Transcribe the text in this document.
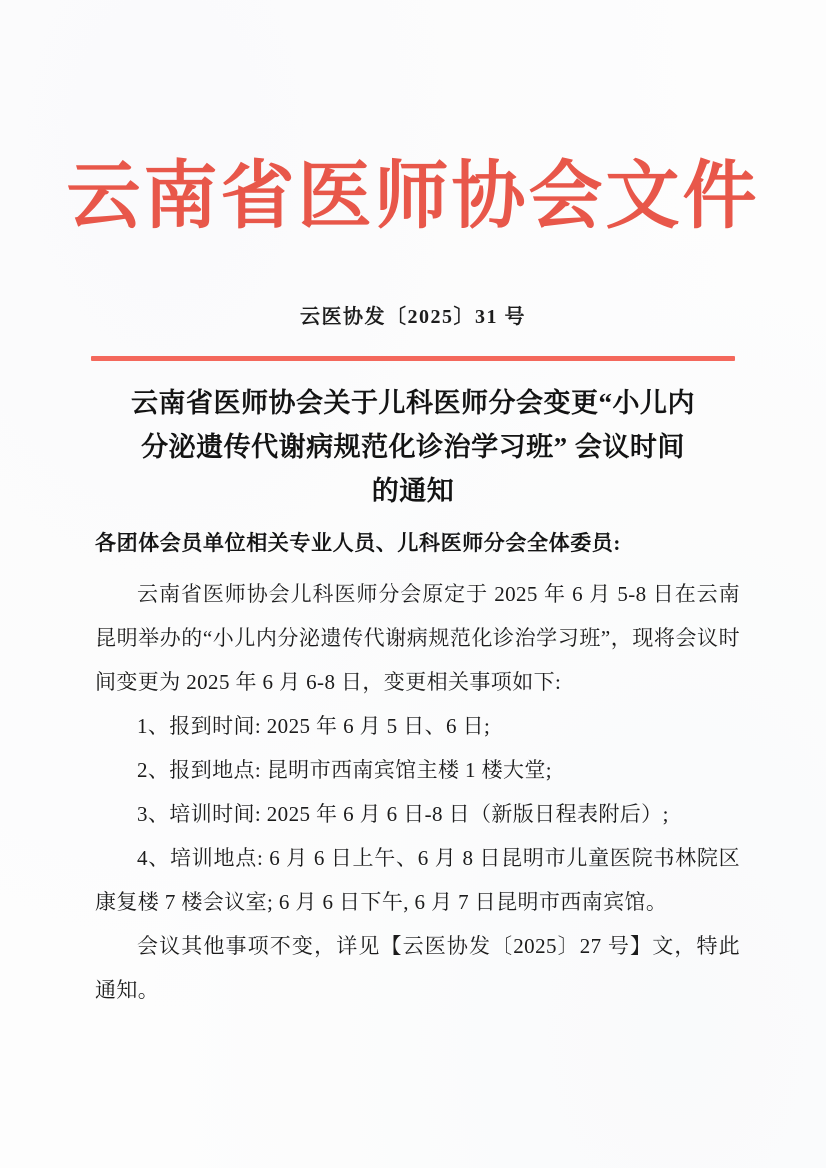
云南省医师协会文件
云医协发〔2025〕31 号
云南省医师协会关于儿科医师分会变更“小儿内
分泌遗传代谢病规范化诊治学习班” 会议时间
的通知
各团体会员单位相关专业人员、儿科医师分会全体委员:

云南省医师协会儿科医师分会原定于 2025 年 6 月 5-8 日在云南昆明举办的“小儿内分泌遗传代谢病规范化诊治学习班”，现将会议时间变更为 2025 年 6 月 6-8 日，变更相关事项如下:

1、报到时间: 2025 年 6 月 5 日、6 日;

2、报到地点: 昆明市西南宾馆主楼 1 楼大堂;

3、培训时间: 2025 年 6 月 6 日-8 日（新版日程表附后）;

4、培训地点: 6 月 6 日上午、6 月 8 日昆明市儿童医院书林院区康复楼 7 楼会议室; 6 月 6 日下午, 6 月 7 日昆明市西南宾馆。

会议其他事项不变，详见【云医协发〔2025〕27 号】文，特此通知。
